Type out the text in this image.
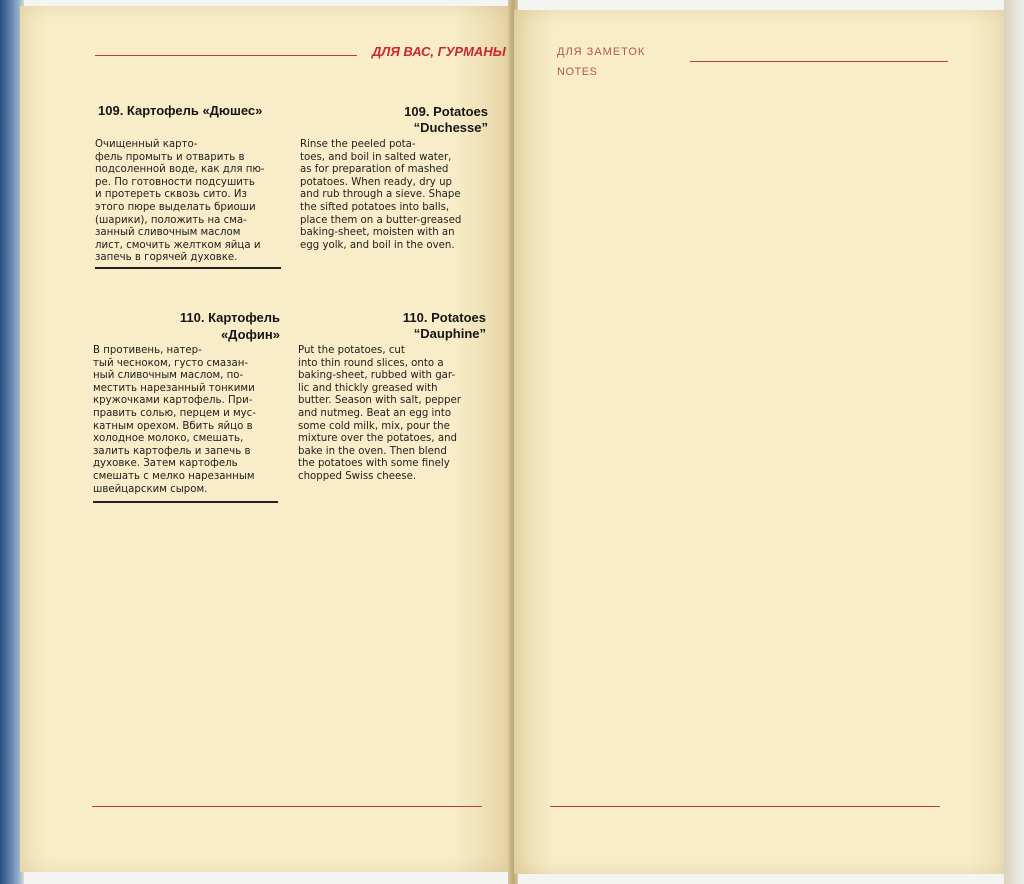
ДЛЯ ВАС, ГУРМАНЫ
109. Картофель «Дюшес»
Очищенный карто-
фель промыть и отварить в
подсоленной воде, как для пю-
ре. По готовности подсушить
и протереть сквозь сито. Из
этого пюре выделать бриоши
(шарики), положить на сма-
занный сливочным маслом
лист, смочить желтком яйца и
запечь в горячей духовке.
109. Potatoes
“Duchesse”
Rinse the peeled pota-
toes, and boil in salted water,
as for preparation of mashed
potatoes. When ready, dry up
and rub through a sieve. Shape
the sifted potatoes into balls,
place them on a butter-greased
baking-sheet, moisten with an
egg yolk, and boil in the oven.
110. Картофель
«Дофин»
В противень, натер-
тый чесноком, густо смазан-
ный сливочным маслом, по-
местить нарезанный тонкими
кружочками картофель. При-
править солью, перцем и мус-
катным орехом. Вбить яйцо в
холодное молоко, смешать,
залить картофель и запечь в
духовке. Затем картофель
смешать с мелко нарезанным
швейцарским сыром.
110. Potatoes
“Dauphine”
Put the potatoes, cut
into thin round slices, onto a
baking-sheet, rubbed with gar-
lic and thickly greased with
butter. Season with salt, pepper
and nutmeg. Beat an egg into
some cold milk, mix, pour the
mixture over the potatoes, and
bake in the oven. Then blend
the potatoes with some finely
chopped Swiss cheese.
ДЛЯ ЗАМЕТОК
NOTES
